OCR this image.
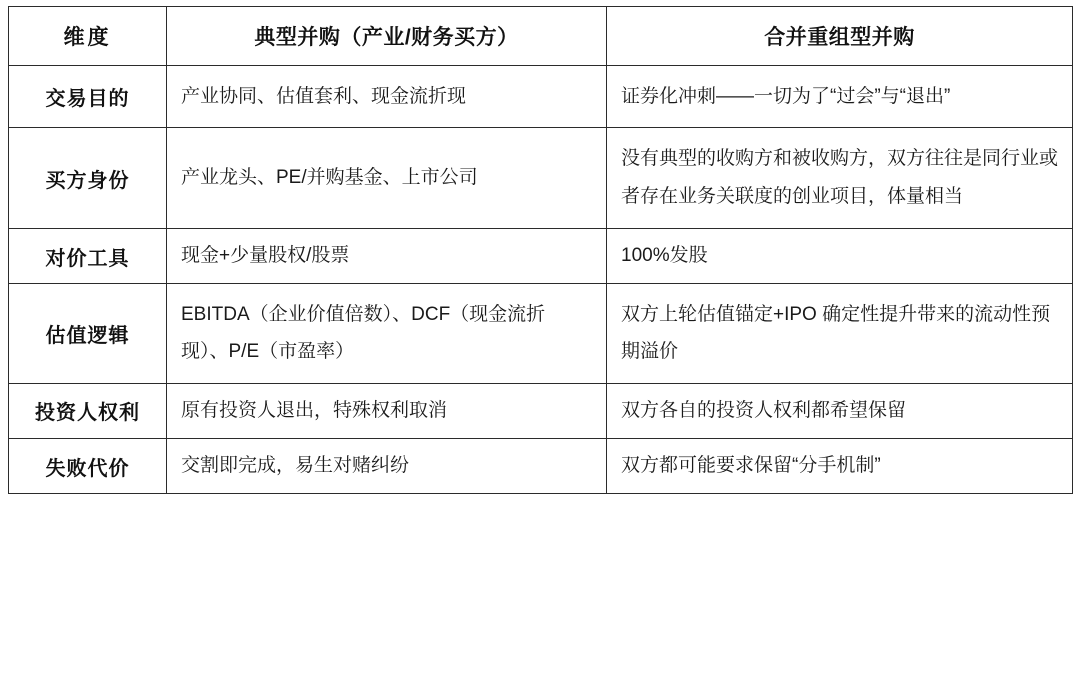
维度	典型并购（产业/财务买方）	合并重组型并购
交易目的	产业协同、估值套利、现金流折现	证券化冲刺——一切为了“过会”与“退出”
买方身份	产业龙头、PE/并购基金、上市公司	没有典型的收购方和被收购方，双方往往是同行业或者存在业务关联度的创业项目，体量相当
对价工具	现金+少量股权/股票	100%发股
估值逻辑	EBITDA（企业价值倍数）、DCF（现金流折现）、P/E（市盈率）	双方上轮估值锚定+IPO 确定性提升带来的流动性预期溢价
投资人权利	原有投资人退出，特殊权利取消	双方各自的投资人权利都希望保留
失败代价	交割即完成，易生对赌纠纷	双方都可能要求保留“分手机制”
